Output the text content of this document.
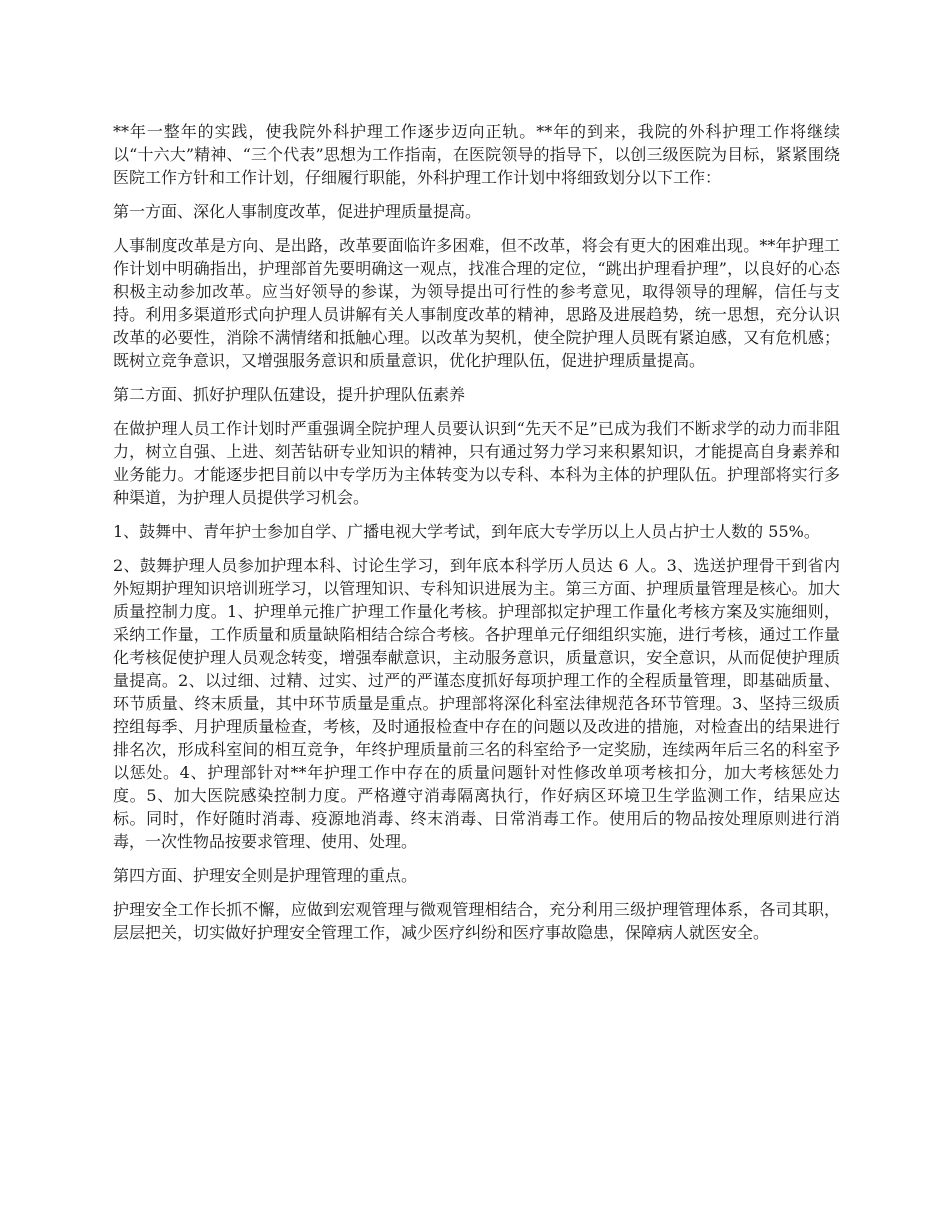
**年一整年的实践，使我院外科护理工作逐步迈向正轨。**年的到来，我院的外科护理工作将继续以“十六大”精神、“三个代表”思想为工作指南，在医院领导的指导下，以创三级医院为目标，紧紧围绕医院工作方针和工作计划，仔细履行职能，外科护理工作计划中将细致划分以下工作：

第一方面、深化人事制度改革，促进护理质量提高。

人事制度改革是方向、是出路，改革要面临许多困难，但不改革，将会有更大的困难出现。**年护理工作计划中明确指出，护理部首先要明确这一观点，找准合理的定位，“跳出护理看护理”，以良好的心态积极主动参加改革。应当好领导的参谋，为领导提出可行性的参考意见，取得领导的理解，信任与支持。利用多渠道形式向护理人员讲解有关人事制度改革的精神，思路及进展趋势，统一思想，充分认识改革的必要性，消除不满情绪和抵触心理。以改革为契机，使全院护理人员既有紧迫感，又有危机感；既树立竞争意识，又增强服务意识和质量意识，优化护理队伍，促进护理质量提高。

第二方面、抓好护理队伍建设，提升护理队伍素养

在做护理人员工作计划时严重强调全院护理人员要认识到“先天不足”已成为我们不断求学的动力而非阻力，树立自强、上进、刻苦钻研专业知识的精神，只有通过努力学习来积累知识，才能提高自身素养和业务能力。才能逐步把目前以中专学历为主体转变为以专科、本科为主体的护理队伍。护理部将实行多种渠道，为护理人员提供学习机会。

1、鼓舞中、青年护士参加自学、广播电视大学考试，到年底大专学历以上人员占护士人数的 55%。

2、鼓舞护理人员参加护理本科、讨论生学习，到年底本科学历人员达 6 人。3、选送护理骨干到省内外短期护理知识培训班学习，以管理知识、专科知识进展为主。第三方面、护理质量管理是核心。加大质量控制力度。1、护理单元推广护理工作量化考核。护理部拟定护理工作量化考核方案及实施细则，采纳工作量，工作质量和质量缺陷相结合综合考核。各护理单元仔细组织实施，进行考核，通过工作量化考核促使护理人员观念转变，增强奉献意识，主动服务意识，质量意识，安全意识，从而促使护理质量提高。2、以过细、过精、过实、过严的严谨态度抓好每项护理工作的全程质量管理，即基础质量、环节质量、终末质量，其中环节质量是重点。护理部将深化科室法律规范各环节管理。3、坚持三级质控组每季、月护理质量检查，考核，及时通报检查中存在的问题以及改进的措施，对检查出的结果进行排名次，形成科室间的相互竞争，年终护理质量前三名的科室给予一定奖励，连续两年后三名的科室予以惩处。4、护理部针对**年护理工作中存在的质量问题针对性修改单项考核扣分，加大考核惩处力度。5、加大医院感染控制力度。严格遵守消毒隔离执行，作好病区环境卫生学监测工作，结果应达标。同时，作好随时消毒、疫源地消毒、终末消毒、日常消毒工作。使用后的物品按处理原则进行消毒，一次性物品按要求管理、使用、处理。

第四方面、护理安全则是护理管理的重点。

护理安全工作长抓不懈，应做到宏观管理与微观管理相结合，充分利用三级护理管理体系，各司其职，层层把关，切实做好护理安全管理工作，减少医疗纠纷和医疗事故隐患，保障病人就医安全。
